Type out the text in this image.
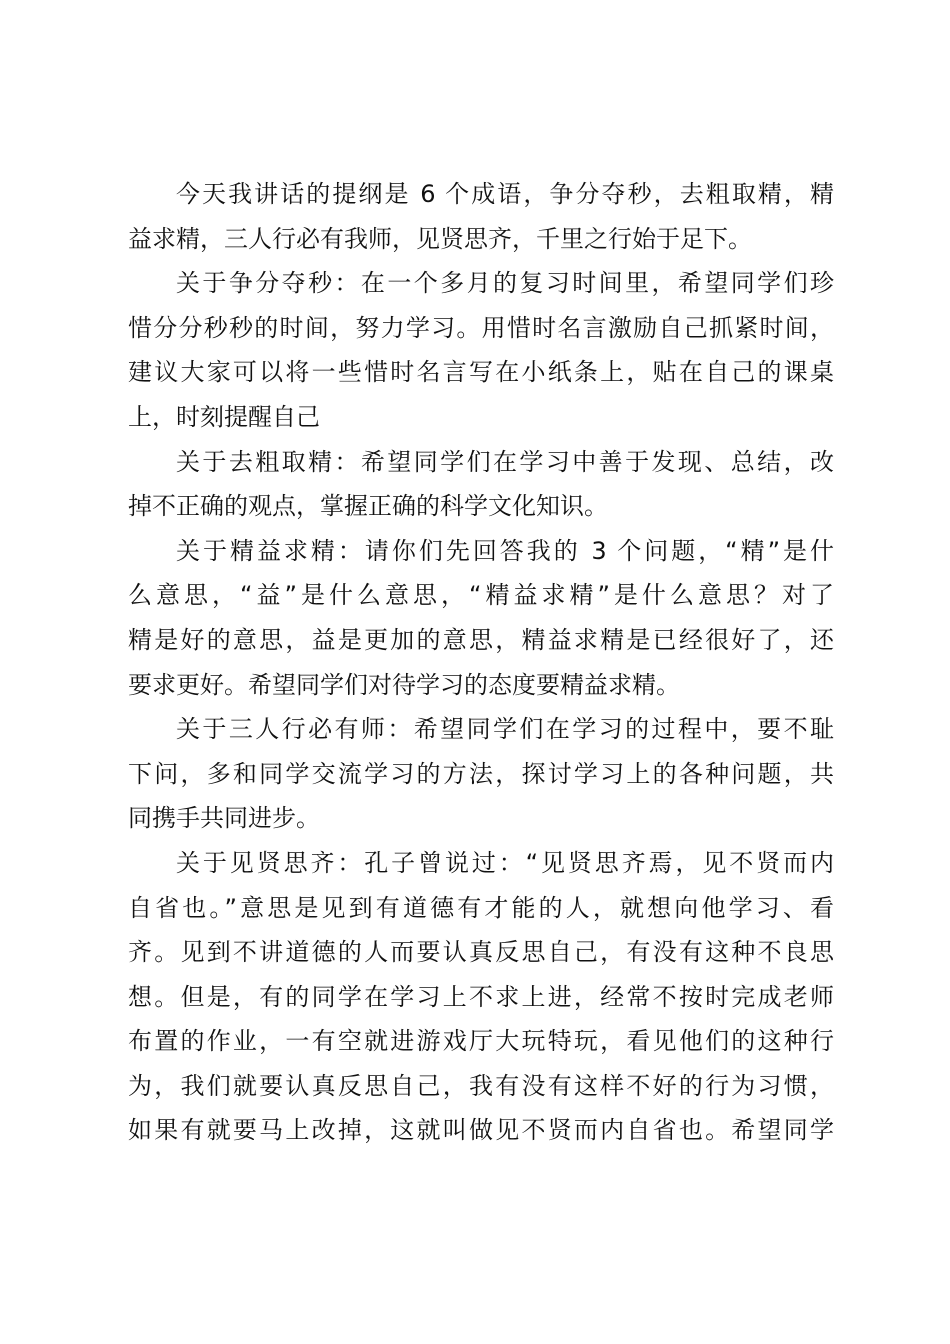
今天我讲话的提纲是 6 个成语，争分夺秒，去粗取精，精
益求精，三人行必有我师，见贤思齐，千里之行始于足下。
关于争分夺秒：在一个多月的复习时间里，希望同学们珍
惜分分秒秒的时间，努力学习。用惜时名言激励自己抓紧时间，
建议大家可以将一些惜时名言写在小纸条上，贴在自己的课桌
上，时刻提醒自己
关于去粗取精：希望同学们在学习中善于发现、总结，改
掉不正确的观点，掌握正确的科学文化知识。
关于精益求精：请你们先回答我的 3 个问题，“精”是什
么意思，“益”是什么意思，“精益求精”是什么意思？对了
精是好的意思，益是更加的意思，精益求精是已经很好了，还
要求更好。希望同学们对待学习的态度要精益求精。
关于三人行必有师：希望同学们在学习的过程中，要不耻
下问，多和同学交流学习的方法，探讨学习上的各种问题，共
同携手共同进步。
关于见贤思齐：孔子曾说过：“见贤思齐焉，见不贤而内
自省也。”意思是见到有道德有才能的人，就想向他学习、看
齐。见到不讲道德的人而要认真反思自己，有没有这种不良思
想。但是，有的同学在学习上不求上进，经常不按时完成老师
布置的作业，一有空就进游戏厅大玩特玩，看见他们的这种行
为，我们就要认真反思自己，我有没有这样不好的行为习惯，
如果有就要马上改掉，这就叫做见不贤而内自省也。希望同学
